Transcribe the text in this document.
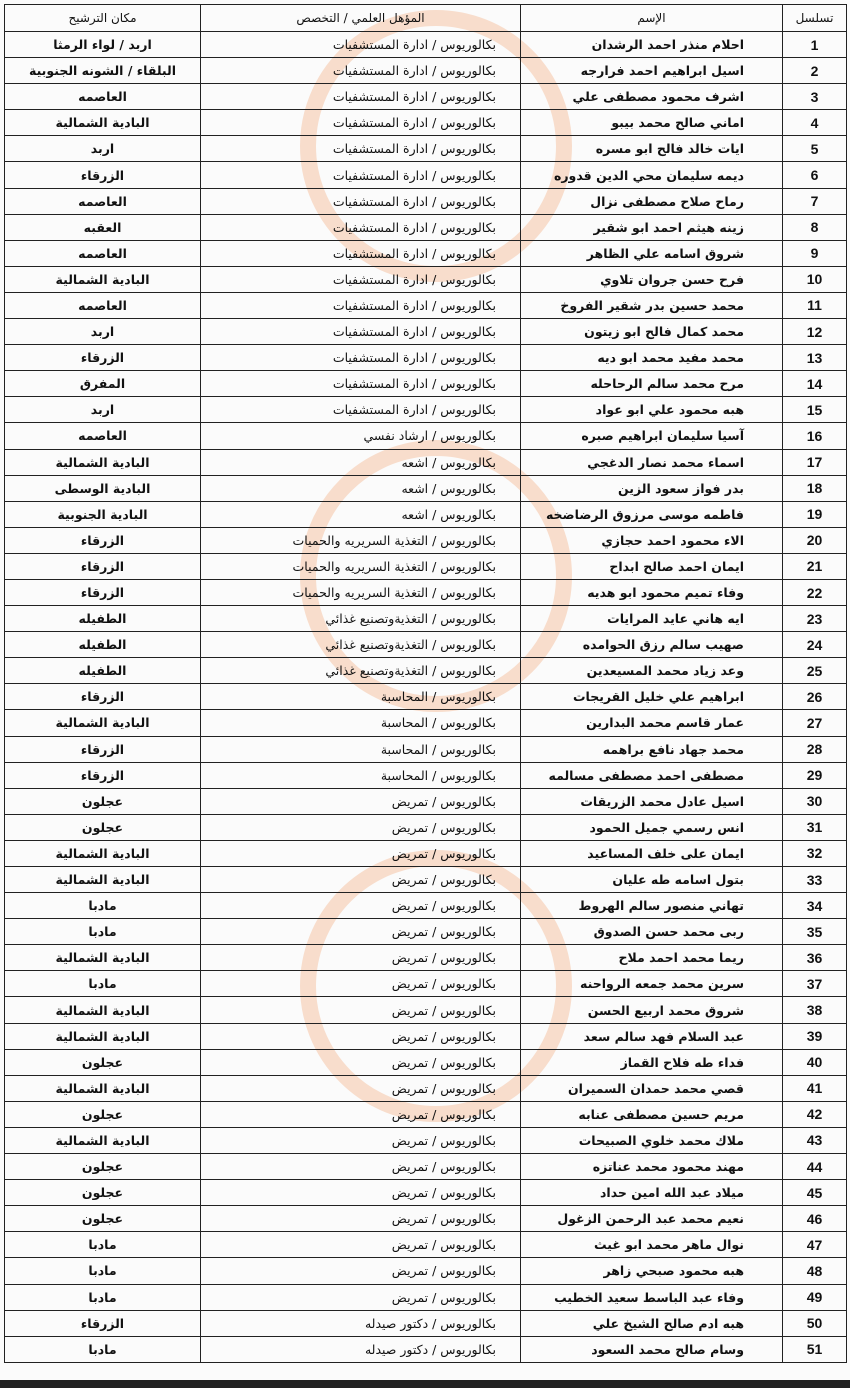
تسلسل	الإسم	المؤهل العلمي / التخصص	مكان الترشيح
1	احلام منذر احمد الرشدان	بكالوريوس / ادارة المستشفيات	اربد / لواء الرمثا
2	اسيل ابراهيم احمد فرارجه	بكالوريوس / ادارة المستشفيات	البلقاء / الشونه الجنوبية
3	اشرف محمود مصطفى علي	بكالوريوس / ادارة المستشفيات	العاصمه
4	اماني صالح محمد بيبو	بكالوريوس / ادارة المستشفيات	البادية الشمالية
5	ايات خالد فالح ابو مسره	بكالوريوس / ادارة المستشفيات	اربد
6	ديمه سليمان محي الدين قدوره	بكالوريوس / ادارة المستشفيات	الزرقاء
7	رماح صلاح مصطفى نزال	بكالوريوس / ادارة المستشفيات	العاصمه
8	زينه هيثم احمد ابو شقير	بكالوريوس / ادارة المستشفيات	العقبه
9	شروق اسامه علي الظاهر	بكالوريوس / ادارة المستشفيات	العاصمه
10	فرح حسن جروان تلاوي	بكالوريوس / ادارة المستشفيات	البادية الشمالية
11	محمد حسين بدر شقير الفروخ	بكالوريوس / ادارة المستشفيات	العاصمه
12	محمد كمال فالح ابو زيتون	بكالوريوس / ادارة المستشفيات	اربد
13	محمد مفيد محمد ابو ديه	بكالوريوس / ادارة المستشفيات	الزرقاء
14	مرح محمد سالم الرحاحله	بكالوريوس / ادارة المستشفيات	المفرق
15	هبه محمود علي ابو عواد	بكالوريوس / ادارة المستشفيات	اربد
16	آسيا سليمان ابراهيم صبره	بكالوريوس / ارشاد نفسي	العاصمه
17	اسماء محمد نصار الدغجي	بكالوريوس / اشعه	البادية الشمالية
18	بدر فواز سعود الزين	بكالوريوس / اشعه	البادية الوسطى
19	فاطمه موسى مرزوق الرضاضخه	بكالوريوس / اشعه	البادية الجنوبية
20	الاء محمود احمد حجازي	بكالوريوس / التغذية السريريه والحميات	الزرقاء
21	ايمان احمد صالح ابداح	بكالوريوس / التغذية السريريه والحميات	الزرقاء
22	وفاء تميم محمود ابو هديه	بكالوريوس / التغذية السريريه والحميات	الزرقاء
23	ايه هاني عايد المرايات	بكالوريوس / التغذيةوتصنيع غذائي	الطفيله
24	صهيب سالم رزق الحوامده	بكالوريوس / التغذيةوتصنيع غذائي	الطفيله
25	وعد زياد محمد المسيعدين	بكالوريوس / التغذيةوتصنيع غذائي	الطفيله
26	ابراهيم علي خليل القريجات	بكالوريوس / المحاسبة	الزرقاء
27	عمار قاسم محمد البدارين	بكالوريوس / المحاسبة	البادية الشمالية
28	محمد جهاد نافع براهمه	بكالوريوس / المحاسبة	الزرقاء
29	مصطفى احمد مصطفى مسالمه	بكالوريوس / المحاسبة	الزرقاء
30	اسيل عادل محمد الزريقات	بكالوريوس / تمريض	عجلون
31	انس رسمي جميل الحمود	بكالوريوس / تمريض	عجلون
32	ايمان على خلف المساعيد	بكالوريوس / تمريض	البادية الشمالية
33	بتول اسامه طه عليان	بكالوريوس / تمريض	البادية الشمالية
34	تهاني منصور سالم الهروط	بكالوريوس / تمريض	مادبا
35	ربى محمد حسن الصدوق	بكالوريوس / تمريض	مادبا
36	ريما محمد احمد ملاح	بكالوريوس / تمريض	البادية الشمالية
37	سرين محمد جمعه الرواحنه	بكالوريوس / تمريض	مادبا
38	شروق محمد اربيع الحسن	بكالوريوس / تمريض	البادية الشمالية
39	عبد السلام فهد سالم سعد	بكالوريوس / تمريض	البادية الشمالية
40	فداء طه فلاح القماز	بكالوريوس / تمريض	عجلون
41	قصي محمد حمدان السميران	بكالوريوس / تمريض	البادية الشمالية
42	مريم حسين مصطفى عنابه	بكالوريوس / تمريض	عجلون
43	ملاك محمد خلوي الصبيحات	بكالوريوس / تمريض	البادية الشمالية
44	مهند محمود محمد عناتزه	بكالوريوس / تمريض	عجلون
45	ميلاد عبد الله امين حداد	بكالوريوس / تمريض	عجلون
46	نعيم محمد عبد الرحمن الزغول	بكالوريوس / تمريض	عجلون
47	نوال ماهر محمد ابو غيث	بكالوريوس / تمريض	مادبا
48	هبه محمود صبحي زاهر	بكالوريوس / تمريض	مادبا
49	وفاء عبد الباسط سعيد الخطيب	بكالوريوس / تمريض	مادبا
50	هبه ادم صالح الشيخ علي	بكالوريوس / دكتور صيدله	الزرقاء
51	وسام صالح محمد السعود	بكالوريوس / دكتور صيدله	مادبا
